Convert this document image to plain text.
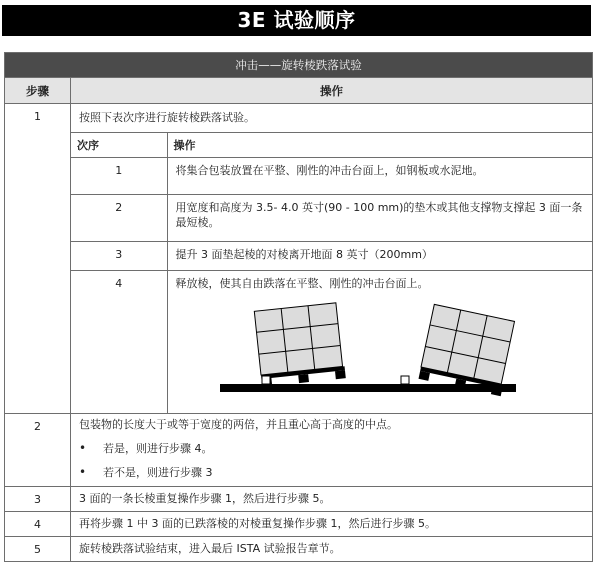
3E 试验顺序
冲击——旋转棱跌落试验
步骤	操作
1	按照下表次序进行旋转棱跌落试验。
次序	操作
1	将集合包装放置在平整、刚性的冲击台面上，如钢板或水泥地。
2	用宽度和高度为 3.5- 4.0 英寸(90 - 100 mm)的垫木或其他支撑物支撑起 3 面一条最短棱。
3	提升 3 面垫起棱的对棱离开地面 8 英寸（200mm）
4	释放棱，使其自由跌落在平整、刚性的冲击台面上。

2	包装物的长度大于或等于宽度的两倍，并且重心高于高度的中点。
•	若是，则进行步骤 4。
•	若不是，则进行步骤 3

3	3 面的一条长棱重复操作步骤 1，然后进行步骤 5。
4	再将步骤 1 中 3 面的已跌落棱的对棱重复操作步骤 1，然后进行步骤 5。
5	旋转棱跌落试验结束，进入最后 ISTA 试验报告章节。
